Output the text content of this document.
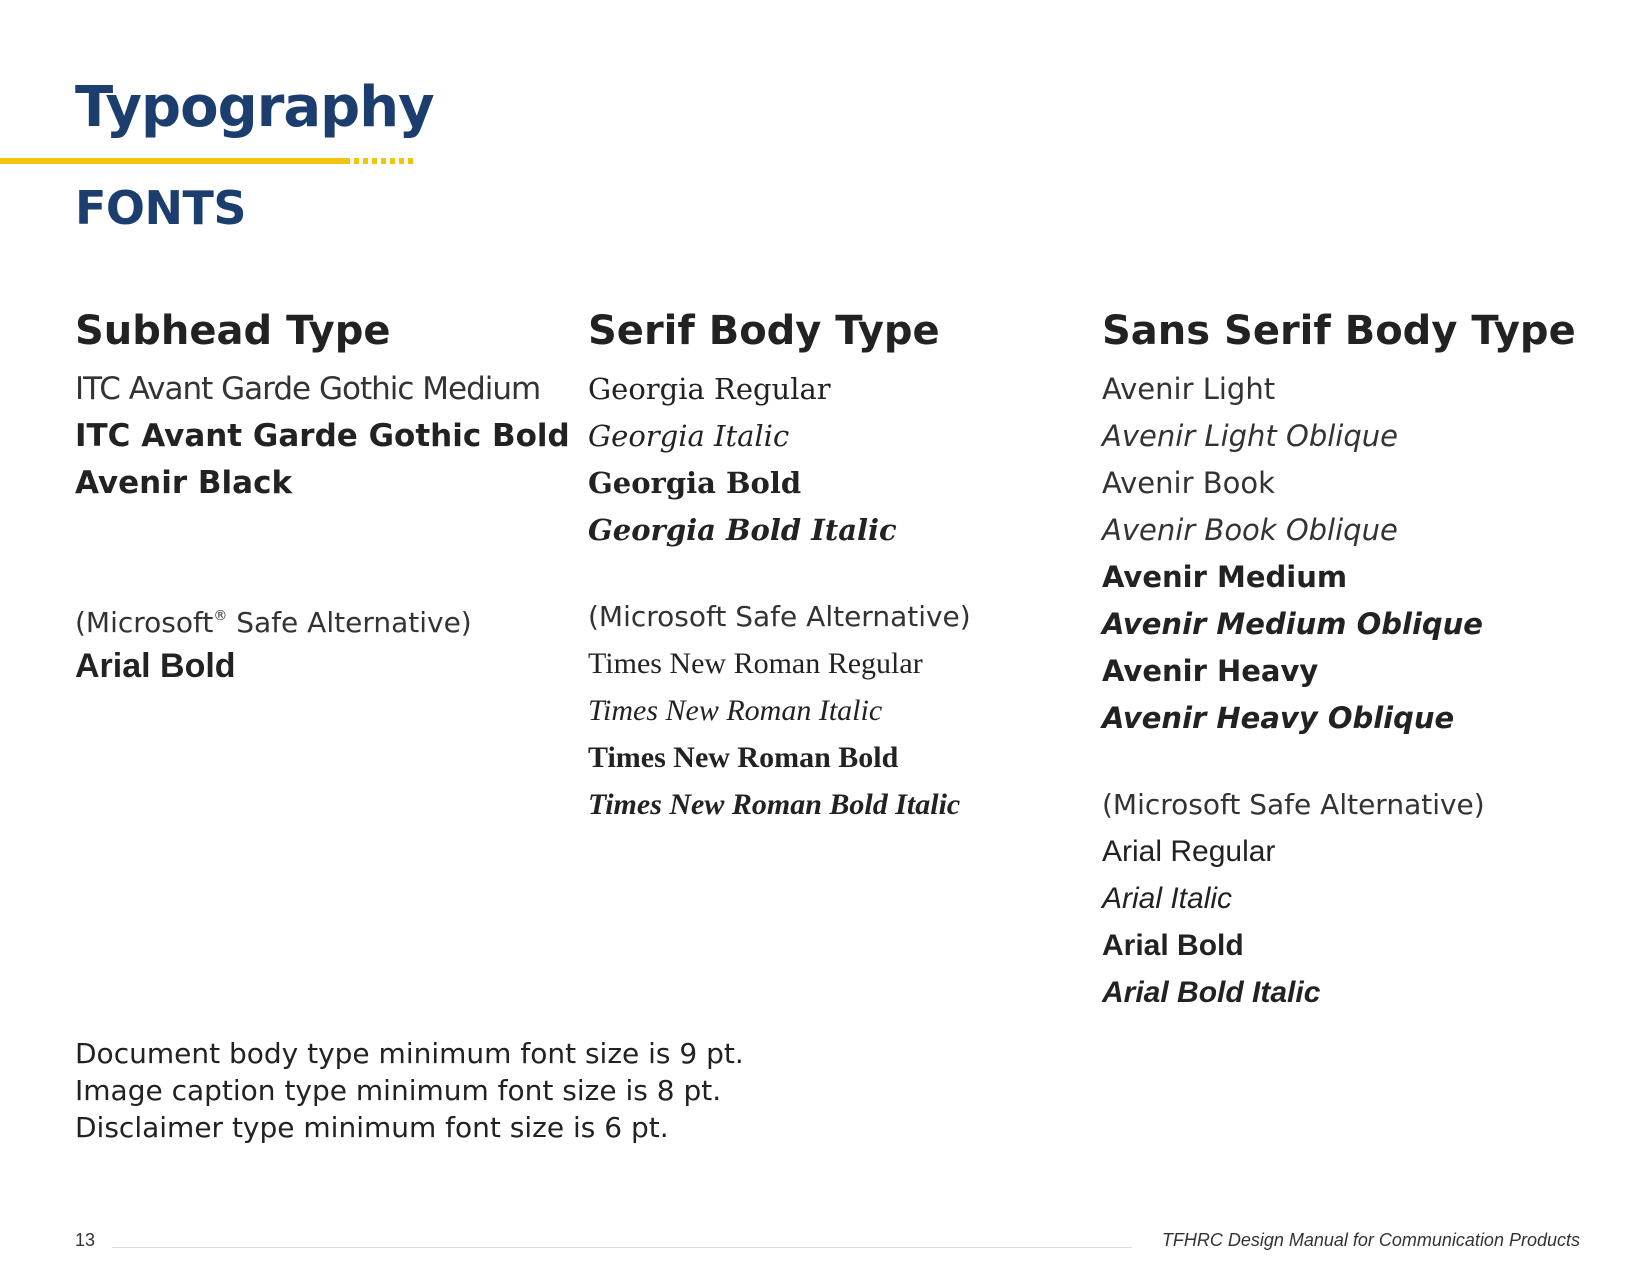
Typography
FONTS
Subhead Type
ITC Avant Garde Gothic Medium
ITC Avant Garde Gothic Bold
Avenir Black
(Microsoft® Safe Alternative)
Arial Bold
Serif Body Type
Georgia Regular
Georgia Italic
Georgia Bold
Georgia Bold Italic
(Microsoft Safe Alternative)
Times New Roman Regular
Times New Roman Italic
Times New Roman Bold
Times New Roman Bold Italic
Sans Serif Body Type
Avenir Light
Avenir Light Oblique
Avenir Book
Avenir Book Oblique
Avenir Medium
Avenir Medium Oblique
Avenir Heavy
Avenir Heavy Oblique
(Microsoft Safe Alternative)
Arial Regular
Arial Italic
Arial Bold
Arial Bold Italic
Document body type minimum font size is 9 pt.
Image caption type minimum font size is 8 pt.
Disclaimer type minimum font size is 6 pt.
13	TFHRC Design Manual for Communication Products
